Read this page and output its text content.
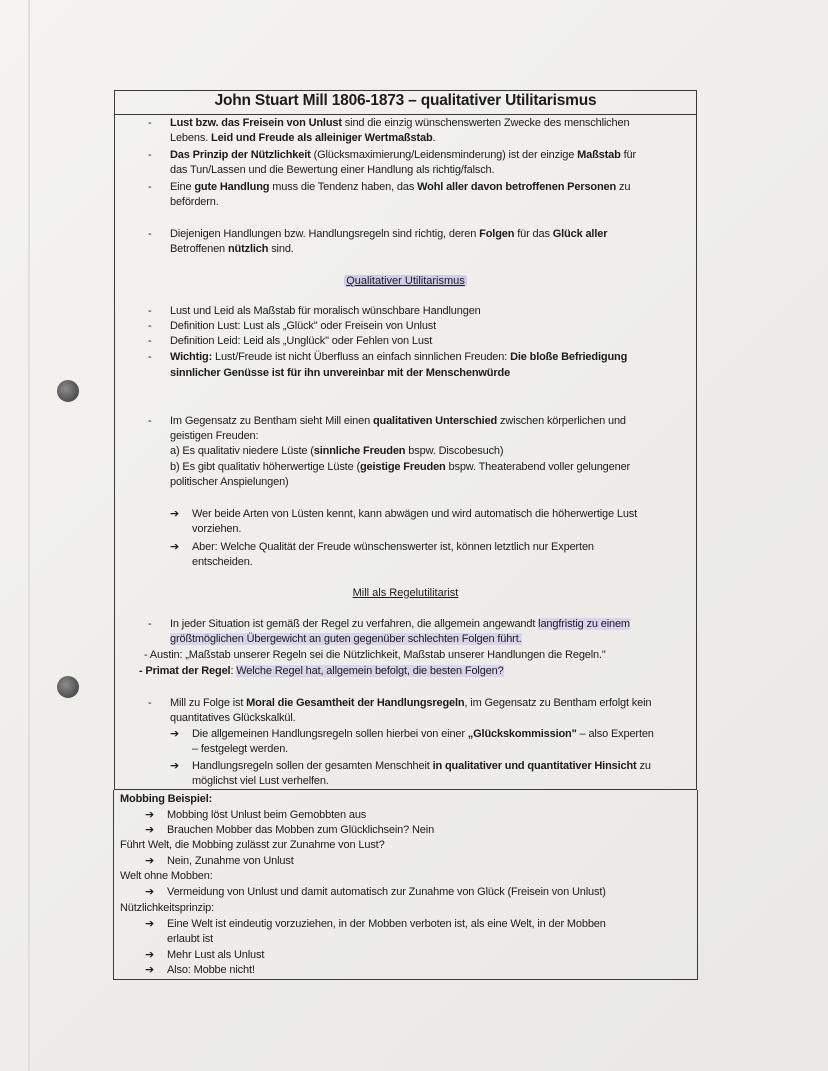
John Stuart Mill 1806-1873 – qualitativer Utilitarismus
- Lust bzw. das Freisein von Unlust sind die einzig wünschenswerten Zwecke des menschlichen
Lebens. Leid und Freude als alleiniger Wertmaßstab.
- Das Prinzip der Nützlichkeit (Glücksmaximierung/Leidensminderung) ist der einzige Maßstab für
das Tun/Lassen und die Bewertung einer Handlung als richtig/falsch.
- Eine gute Handlung muss die Tendenz haben, das Wohl aller davon betroffenen Personen zu
befördern.
- Diejenigen Handlungen bzw. Handlungsregeln sind richtig, deren Folgen für das Glück aller
Betroffenen nützlich sind.
Qualitativer Utilitarismus
- Lust und Leid als Maßstab für moralisch wünschbare Handlungen
- Definition Lust: Lust als „Glück" oder Freisein von Unlust
- Definition Leid: Leid als „Unglück" oder Fehlen von Lust
- Wichtig: Lust/Freude ist nicht Überfluss an einfach sinnlichen Freuden: Die bloße Befriedigung
sinnlicher Genüsse ist für ihn unvereinbar mit der Menschenwürde
- Im Gegensatz zu Bentham sieht Mill einen qualitativen Unterschied zwischen körperlichen und
geistigen Freuden:
a) Es qualitativ niedere Lüste (sinnliche Freuden bspw. Discobesuch)
b) Es gibt qualitativ höherwertige Lüste (geistige Freuden bspw. Theaterabend voller gelungener
politischer Anspielungen)
➔ Wer beide Arten von Lüsten kennt, kann abwägen und wird automatisch die höherwertige Lust
vorziehen.
➔ Aber: Welche Qualität der Freude wünschenswerter ist, können letztlich nur Experten
entscheiden.
Mill als Regelutilitarist
- In jeder Situation ist gemäß der Regel zu verfahren, die allgemein angewandt langfristig zu einem
größtmöglichen Übergewicht an guten gegenüber schlechten Folgen führt.
- Austin: „Maßstab unserer Regeln sei die Nützlichkeit, Maßstab unserer Handlungen die Regeln."
- Primat der Regel: Welche Regel hat, allgemein befolgt, die besten Folgen?
- Mill zu Folge ist Moral die Gesamtheit der Handlungsregeln, im Gegensatz zu Bentham erfolgt kein
quantitatives Glückskalkül.
➔ Die allgemeinen Handlungsregeln sollen hierbei von einer „Glückskommission" – also Experten
– festgelegt werden.
➔ Handlungsregeln sollen der gesamten Menschheit in qualitativer und quantitativer Hinsicht zu
möglichst viel Lust verhelfen.
Mobbing Beispiel:
➔ Mobbing löst Unlust beim Gemobbten aus
➔ Brauchen Mobber das Mobben zum Glücklichsein? Nein
Führt Welt, die Mobbing zulässt zur Zunahme von Lust?
➔ Nein, Zunahme von Unlust
Welt ohne Mobben:
➔ Vermeidung von Unlust und damit automatisch zur Zunahme von Glück (Freisein von Unlust)
Nützlichkeitsprinzip:
➔ Eine Welt ist eindeutig vorzuziehen, in der Mobben verboten ist, als eine Welt, in der Mobben
erlaubt ist
➔ Mehr Lust als Unlust
➔ Also: Mobbe nicht!
